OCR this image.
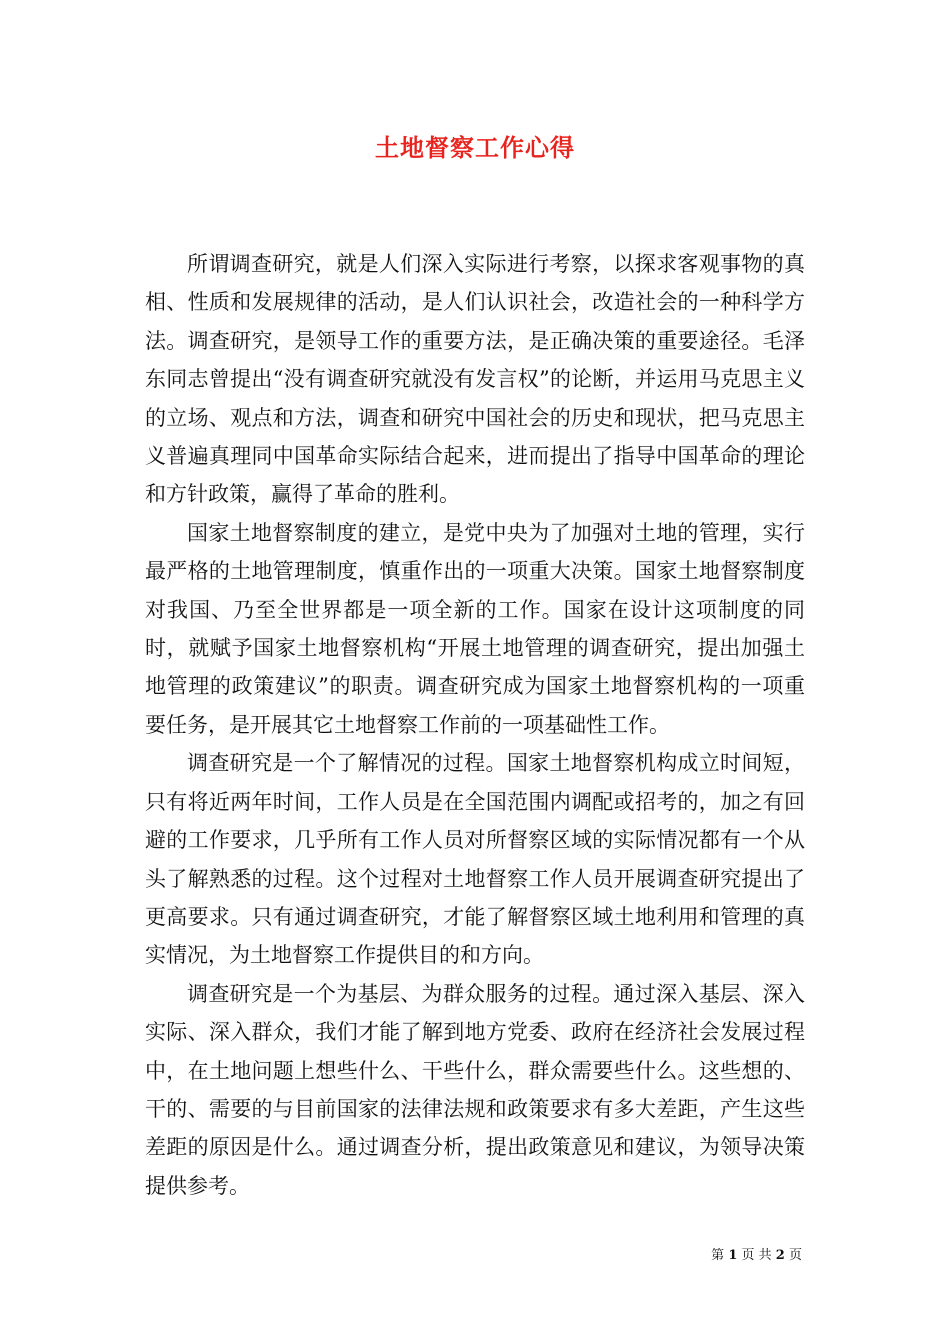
土地督察工作心得

所谓调查研究，就是人们深入实际进行考察，以探求客观事物的真相、性质和发展规律的活动，是人们认识社会，改造社会的一种科学方法。调查研究，是领导工作的重要方法，是正确决策的重要途径。毛泽东同志曾提出“没有调查研究就没有发言权”的论断，并运用马克思主义的立场、观点和方法，调查和研究中国社会的历史和现状，把马克思主义普遍真理同中国革命实际结合起来，进而提出了指导中国革命的理论和方针政策，赢得了革命的胜利。

国家土地督察制度的建立，是党中央为了加强对土地的管理，实行最严格的土地管理制度，慎重作出的一项重大决策。国家土地督察制度对我国、乃至全世界都是一项全新的工作。国家在设计这项制度的同时，就赋予国家土地督察机构“开展土地管理的调查研究，提出加强土地管理的政策建议”的职责。调查研究成为国家土地督察机构的一项重要任务，是开展其它土地督察工作前的一项基础性工作。

调查研究是一个了解情况的过程。国家土地督察机构成立时间短，只有将近两年时间，工作人员是在全国范围内调配或招考的，加之有回避的工作要求，几乎所有工作人员对所督察区域的实际情况都有一个从头了解熟悉的过程。这个过程对土地督察工作人员开展调查研究提出了更高要求。只有通过调查研究，才能了解督察区域土地利用和管理的真实情况，为土地督察工作提供目的和方向。

调查研究是一个为基层、为群众服务的过程。通过深入基层、深入实际、深入群众，我们才能了解到地方党委、政府在经济社会发展过程中，在土地问题上想些什么、干些什么，群众需要些什么。这些想的、干的、需要的与目前国家的法律法规和政策要求有多大差距，产生这些差距的原因是什么。通过调查分析，提出政策意见和建议，为领导决策提供参考。

第 1 页 共 2 页
